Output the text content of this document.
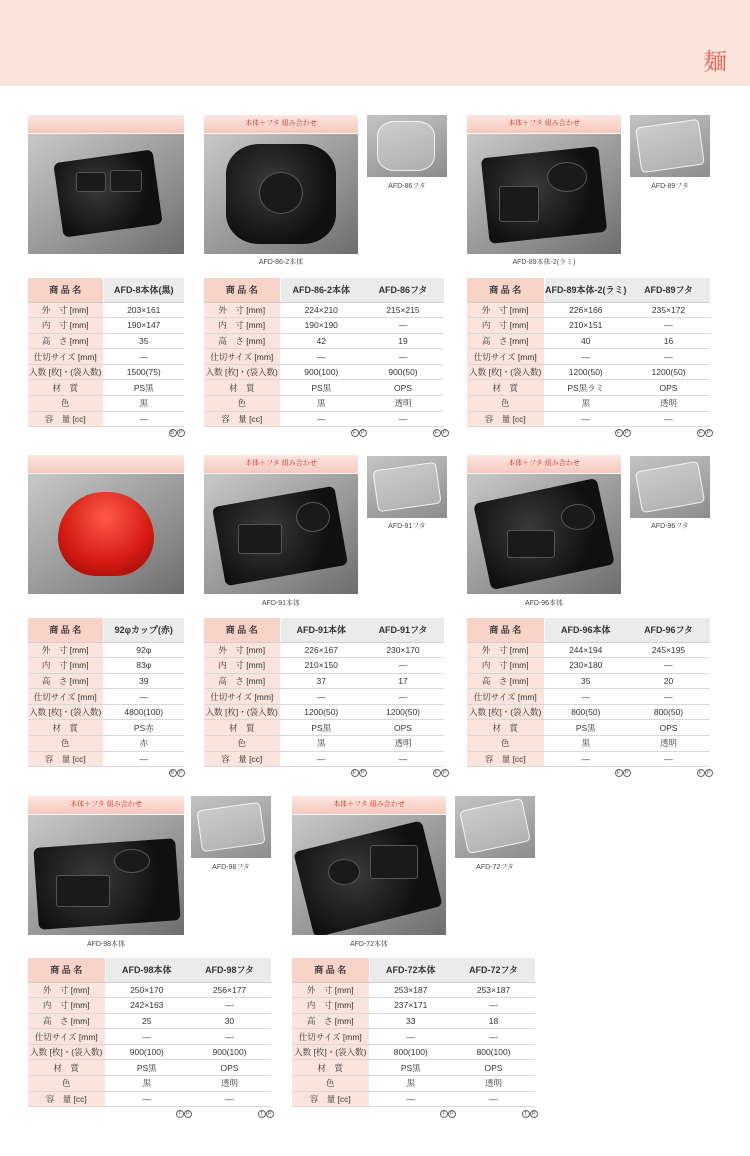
麺
商 品 名	AFD-8本体(黒)
外　寸 [mm]	203×161
内　寸 [mm]	190×147
高　さ [mm]	35
仕切サイズ [mm]	—
入数 [枚]・(袋入数)	1500(75)
材　質	PS黒
色	黒
容　量 [cc]	—
B P
本体＋フタ 組み合わせ
AFD-86-2本体
AFD-86フタ
商 品 名	AFD-86-2本体	AFD-86フタ
外　寸 [mm]	224×210	215×215
内　寸 [mm]	190×190	—
高　さ [mm]	42	19
仕切サイズ [mm]	—	—
入数 [枚]・(袋入数)	900(100)	900(50)
材　質	PS黒	OPS
色	黒	透明
容　量 [cc]	—	—
F P	F P
本体＋フタ 組み合わせ
AFD-89本体-2(ラミ)
AFD-89フタ
商 品 名	AFD-89本体-2(ラミ)	AFD-89フタ
外　寸 [mm]	226×166	235×172
内　寸 [mm]	210×151	—
高　さ [mm]	40	16
仕切サイズ [mm]	—	—
入数 [枚]・(袋入数)	1200(50)	1200(50)
材　質	PS黒ラミ	OPS
色	黒	透明
容　量 [cc]	—	—
F P	F P
商 品 名	92φカップ(赤)
外　寸 [mm]	92φ
内　寸 [mm]	83φ
高　さ [mm]	39
仕切サイズ [mm]	—
入数 [枚]・(袋入数)	4800(100)
材　質	PS赤
色	赤
容　量 [cc]	—
B P
本体＋フタ 組み合わせ
AFD-91本体
AFD-91フタ
商 品 名	AFD-91本体	AFD-91フタ
外　寸 [mm]	226×167	230×170
内　寸 [mm]	210×150	—
高　さ [mm]	37	17
仕切サイズ [mm]	—	—
入数 [枚]・(袋入数)	1200(50)	1200(50)
材　質	PS黒	OPS
色	黒	透明
容　量 [cc]	—	—
F P	F P
本体＋フタ 組み合わせ
AFD-96本体
AFD-96フタ
商 品 名	AFD-96本体	AFD-96フタ
外　寸 [mm]	244×194	245×195
内　寸 [mm]	230×180	—
高　さ [mm]	35	20
仕切サイズ [mm]	—	—
入数 [枚]・(袋入数)	800(50)	800(50)
材　質	PS黒	OPS
色	黒	透明
容　量 [cc]	—	—
F P	F P
本体＋フタ 組み合わせ
AFD-98本体
AFD-98フタ
商 品 名	AFD-98本体	AFD-98フタ
外　寸 [mm]	250×170	256×177
内　寸 [mm]	242×163	—
高　さ [mm]	25	30
仕切サイズ [mm]	—	—
入数 [枚]・(袋入数)	900(100)	900(100)
材　質	PS黒	OPS
色	黒	透明
容　量 [cc]	—	—
T P	T P
本体＋フタ 組み合わせ
AFD-72本体
AFD-72フタ
商 品 名	AFD-72本体	AFD-72フタ
外　寸 [mm]	253×187	253×187
内　寸 [mm]	237×171	—
高　さ [mm]	33	18
仕切サイズ [mm]	—	—
入数 [枚]・(袋入数)	800(100)	800(100)
材　質	PS黒	OPS
色	黒	透明
容　量 [cc]	—	—
T P	T P
